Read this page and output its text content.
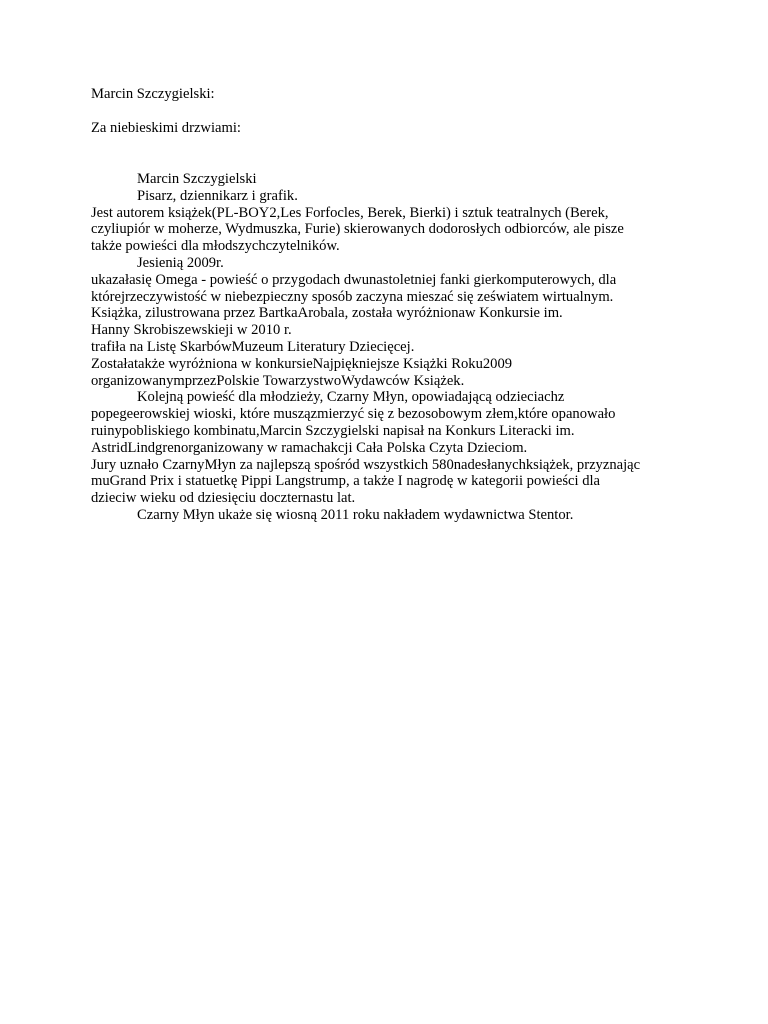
Marcin Szczygielski:
Za niebieskimi drzwiami:
Marcin Szczygielski
Pisarz, dziennikarz i grafik.
Jest autorem książek(PL-BOY2,Les Forfocles, Berek, Bierki) i sztuk teatralnych (Berek,
czyliupiór w moherze, Wydmuszka, Furie) skierowanych dodorosłych odbiorców, ale pisze
także powieści dla młodszychczytelników.
Jesienią 2009r.
ukazałasię Omega - powieść o przygodach dwunastoletniej fanki gierkomputerowych, dla
którejrzeczywistość w niebezpieczny sposób zaczyna mieszać się zeświatem wirtualnym.
Książka, zilustrowana przez BartkaArobala, została wyróżnionaw Konkursie im.
Hanny Skrobiszewskieji w 2010 r.
trafiła na Listę SkarbówMuzeum Literatury Dziecięcej.
Zostałatakże wyróżniona w konkursieNajpiękniejsze Książki Roku2009
organizowanymprzezPolskie TowarzystwoWydawców Książek.
Kolejną powieść dla młodzieży, Czarny Młyn, opowiadającą odzieciachz
popegeerowskiej wioski, które muszązmierzyć się z bezosobowym złem,które opanowało
ruinypobliskiego kombinatu,Marcin Szczygielski napisał na Konkurs Literacki im.
AstridLindgrenorganizowany w ramachakcji Cała Polska Czyta Dzieciom.
Jury uznało CzarnyMłyn za najlepszą spośród wszystkich 580nadesłanychksiążek, przyznając
muGrand Prix i statuetkę Pippi Langstrump, a także I nagrodę w kategorii powieści dla
dzieciw wieku od dziesięciu doczternastu lat.
Czarny Młyn ukaże się wiosną 2011 roku nakładem wydawnictwa Stentor.
